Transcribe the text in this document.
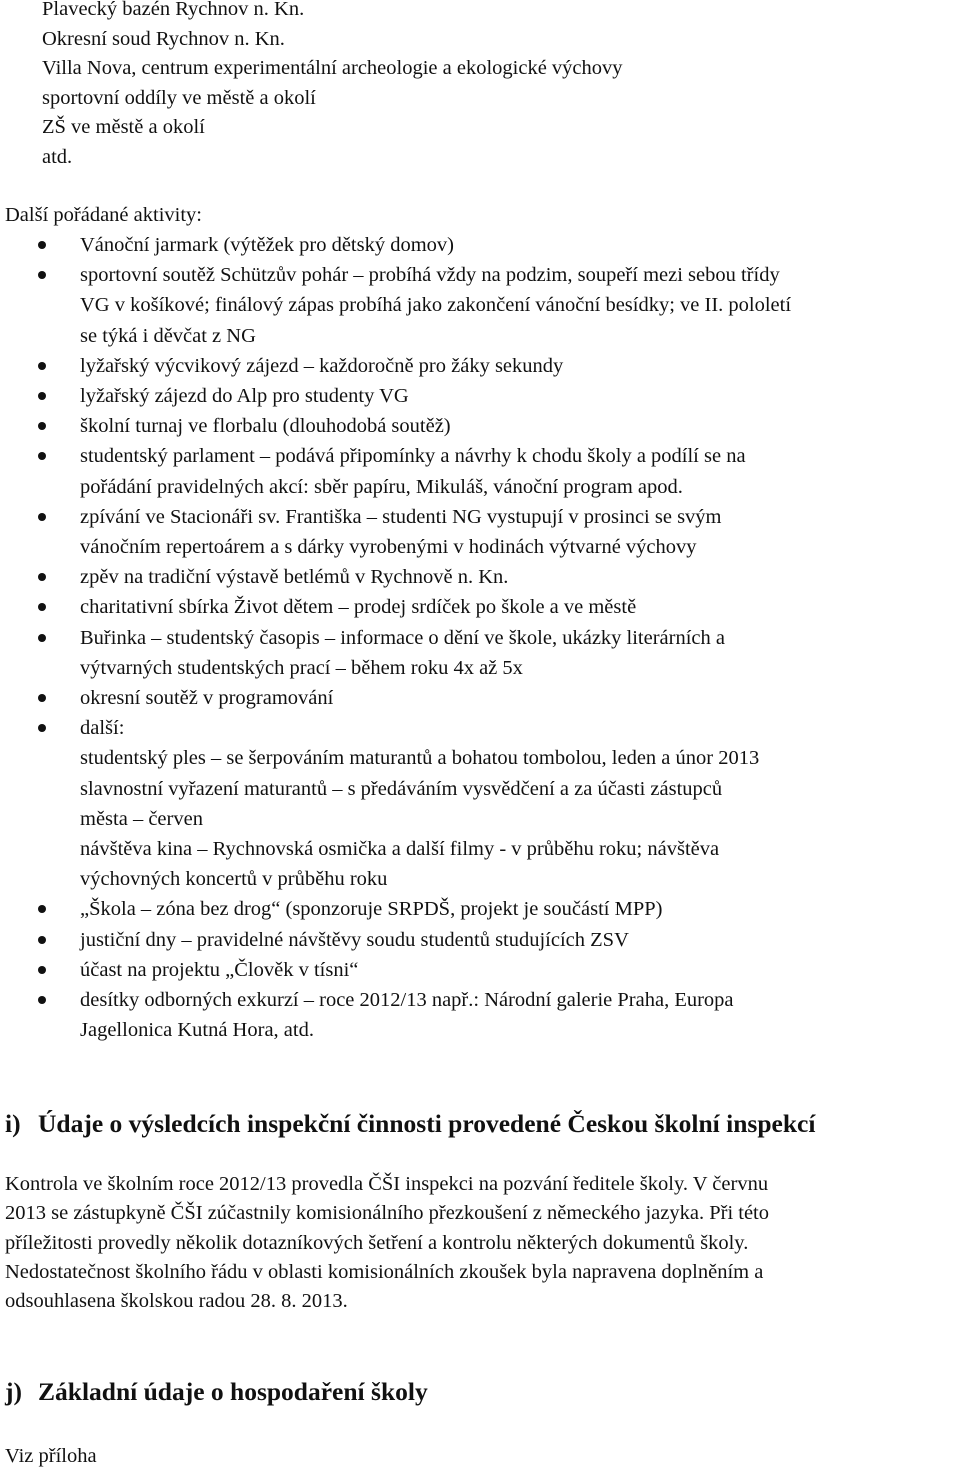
Plavecký bazén Rychnov n. Kn.
Okresní soud Rychnov n. Kn.
Villa Nova, centrum experimentální archeologie a ekologické výchovy
sportovní oddíly ve městě a okolí
ZŠ ve městě a okolí
atd.
Další pořádané aktivity:
Vánoční jarmark (výtěžek pro dětský domov)
sportovní soutěž Schützův pohár – probíhá vždy na podzim, soupeří mezi sebou třídy
VG v košíkové; finálový zápas probíhá jako zakončení vánoční besídky; ve II. pololetí
se týká i děvčat z NG
lyžařský výcvikový zájezd – každoročně pro žáky sekundy
lyžařský zájezd do Alp pro studenty VG
školní turnaj ve florbalu (dlouhodobá soutěž)
studentský parlament – podává připomínky a návrhy k chodu školy a podílí se na
pořádání pravidelných akcí: sběr papíru, Mikuláš, vánoční program apod.
zpívání ve Stacionáři sv. Františka – studenti NG vystupují v prosinci se svým
vánočním repertoárem a s dárky vyrobenými v hodinách výtvarné výchovy
zpěv na tradiční výstavě betlémů v Rychnově n. Kn.
charitativní sbírka Život dětem – prodej srdíček po škole a ve městě
Buřinka – studentský časopis – informace o dění ve škole, ukázky literárních a
výtvarných studentských prací – během roku 4x až 5x
okresní soutěž v programování
další:
studentský ples – se šerpováním maturantů a bohatou tombolou, leden a únor 2013
slavnostní vyřazení maturantů – s předáváním vysvědčení a za účasti zástupců
města – červen
návštěva kina – Rychnovská osmička a další filmy - v průběhu roku; návštěva
výchovných koncertů v průběhu roku
„Škola – zóna bez drog“ (sponzoruje SRPDŠ, projekt je součástí MPP)
justiční dny – pravidelné návštěvy soudu studentů studujících ZSV
účast na projektu „Člověk v tísni“
desítky odborných exkurzí – roce 2012/13 např.: Národní galerie Praha, Europa
Jagellonica Kutná Hora, atd.
i) Údaje o výsledcích inspekční činnosti provedené Českou školní inspekcí
Kontrola ve školním roce 2012/13 provedla ČŠI inspekci na pozvání ředitele školy. V červnu
2013 se zástupkyně ČŠI zúčastnily komisionálního přezkoušení z německého jazyka. Při této
příležitosti provedly několik dotazníkových šetření a kontrolu některých dokumentů školy.
Nedostatečnost školního řádu v oblasti komisionálních zkoušek byla napravena doplněním a
odsouhlasena školskou radou 28. 8. 2013.
j) Základní údaje o hospodaření školy
Viz příloha
